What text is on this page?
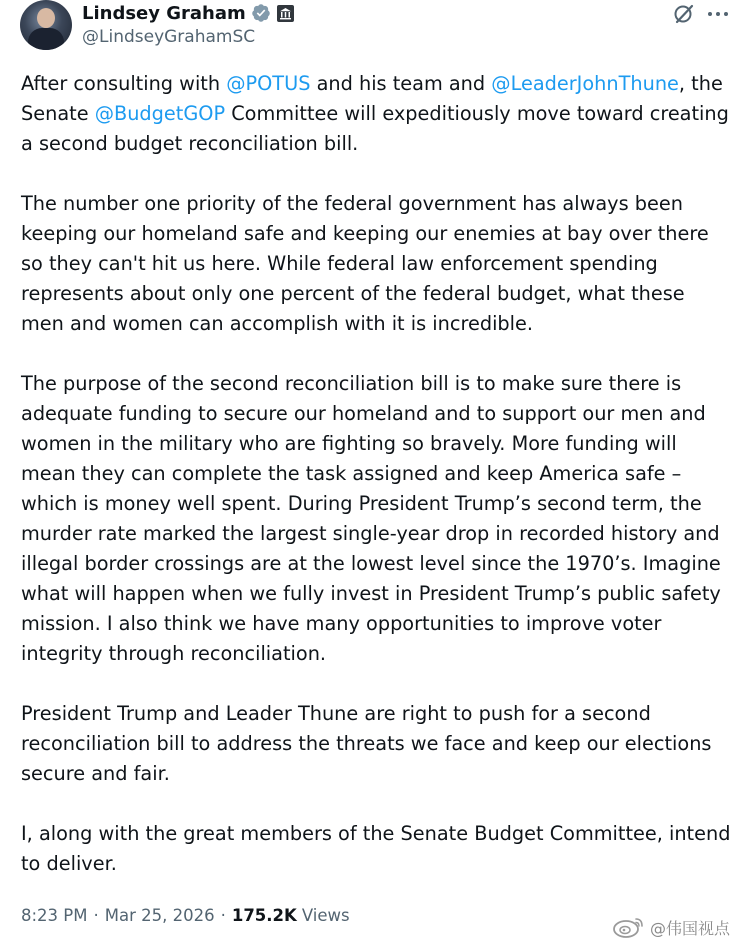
Lindsey Graham
@LindseyGrahamSC

After consulting with @POTUS and his team and @LeaderJohnThune, the Senate @BudgetGOP Committee will expeditiously move toward creating a second budget reconciliation bill.

The number one priority of the federal government has always been keeping our homeland safe and keeping our enemies at bay over there so they can't hit us here. While federal law enforcement spending represents about only one percent of the federal budget, what these men and women can accomplish with it is incredible.

The purpose of the second reconciliation bill is to make sure there is adequate funding to secure our homeland and to support our men and women in the military who are fighting so bravely. More funding will mean they can complete the task assigned and keep America safe – which is money well spent. During President Trump’s second term, the murder rate marked the largest single-year drop in recorded history and illegal border crossings are at the lowest level since the 1970’s. Imagine what will happen when we fully invest in President Trump’s public safety mission. I also think we have many opportunities to improve voter integrity through reconciliation.

President Trump and Leader Thune are right to push for a second reconciliation bill to address the threats we face and keep our elections secure and fair.

I, along with the great members of the Senate Budget Committee, intend to deliver.

8:23 PM · Mar 25, 2026 · 175.2K Views
@伟国视点
